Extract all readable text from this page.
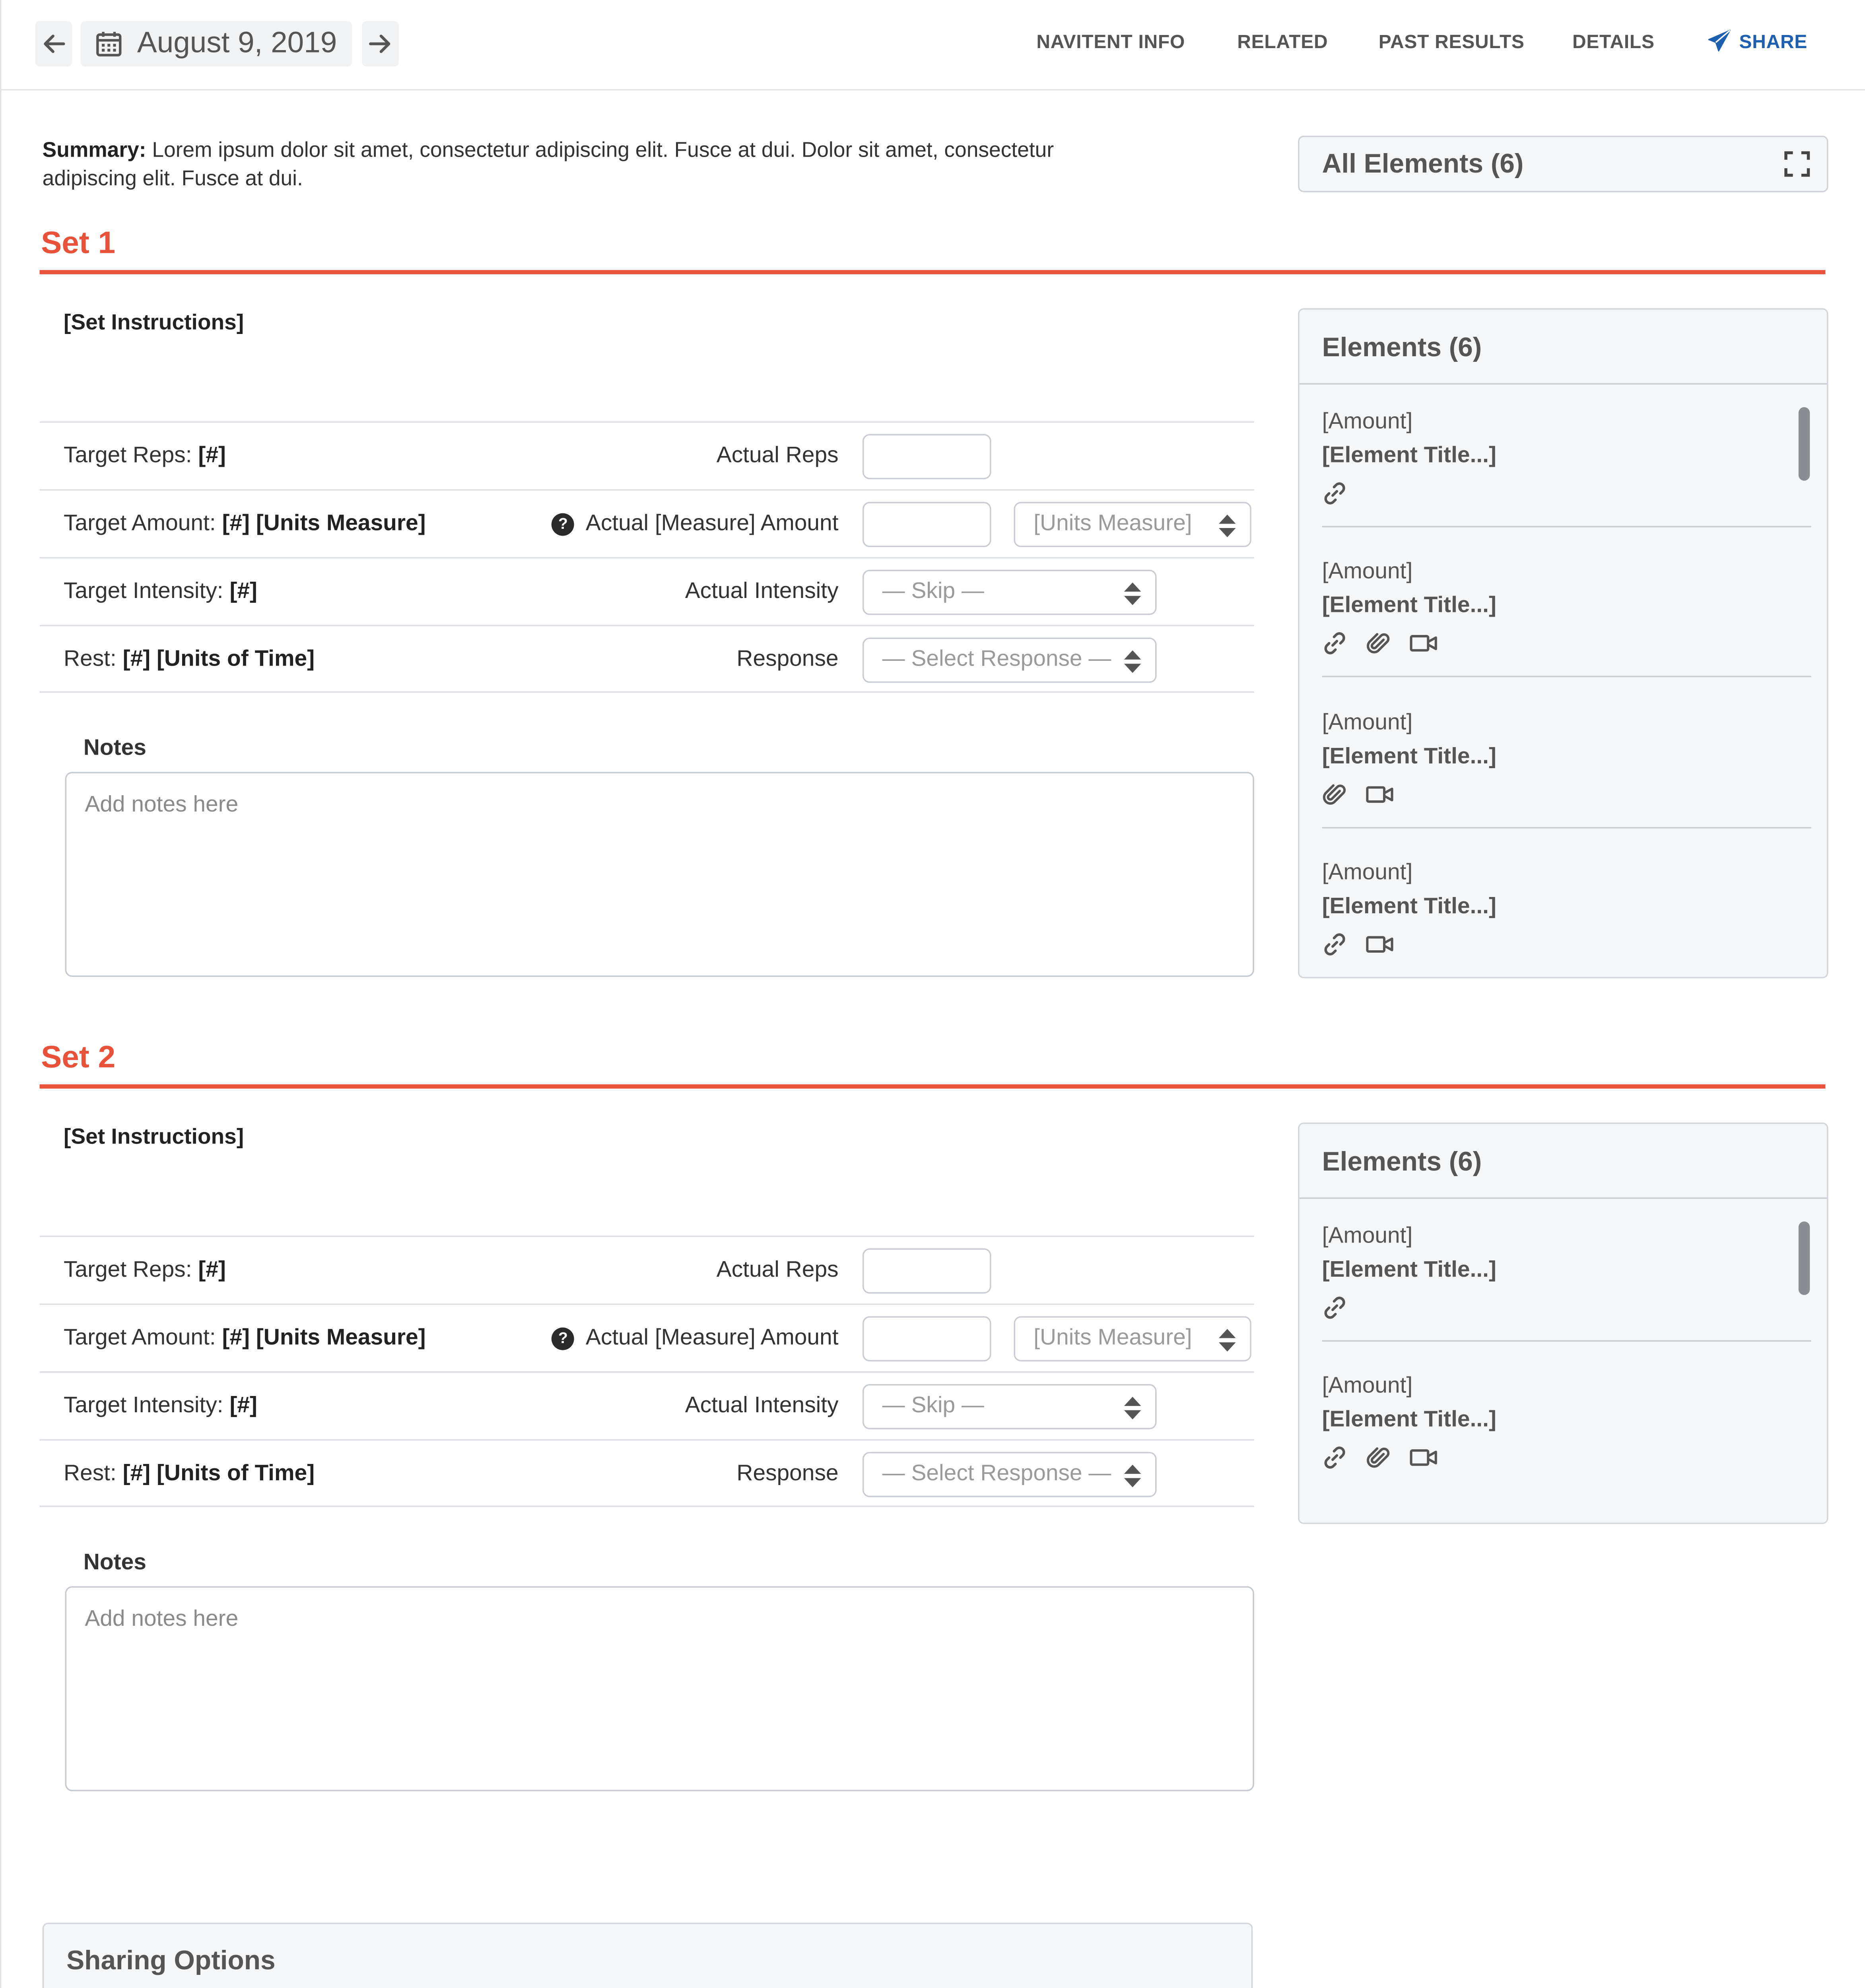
August 9, 2019	NAVITENT INFO	RELATED	PAST RESULTS	DETAILS	SHARE
Summary: Lorem ipsum dolor sit amet, consectetur adipiscing elit. Fusce at dui. Dolor sit amet, consectetur adipiscing elit. Fusce at dui.	All Elements (6)
Set 1
[Set Instructions]
Target Reps: [#]	Actual Reps
Target Amount: [#] [Units Measure]	?	Actual [Measure] Amount	[Units Measure]
Target Intensity: [#]	Actual Intensity	— Skip —
Rest: [#] [Units of Time]	Response	— Select Response —
Notes
Add notes here
Elements (6)
[Amount]
[Element Title...]
[Amount]
[Element Title...]
[Amount]
[Element Title...]
[Amount]
[Element Title...]
Set 2
[Set Instructions]
Target Reps: [#]	Actual Reps
Target Amount: [#] [Units Measure]	?	Actual [Measure] Amount	[Units Measure]
Target Intensity: [#]	Actual Intensity	— Skip —
Rest: [#] [Units of Time]	Response	— Select Response —
Notes
Add notes here
Elements (6)
[Amount]
[Element Title...]
[Amount]
[Element Title...]
Sharing Options
